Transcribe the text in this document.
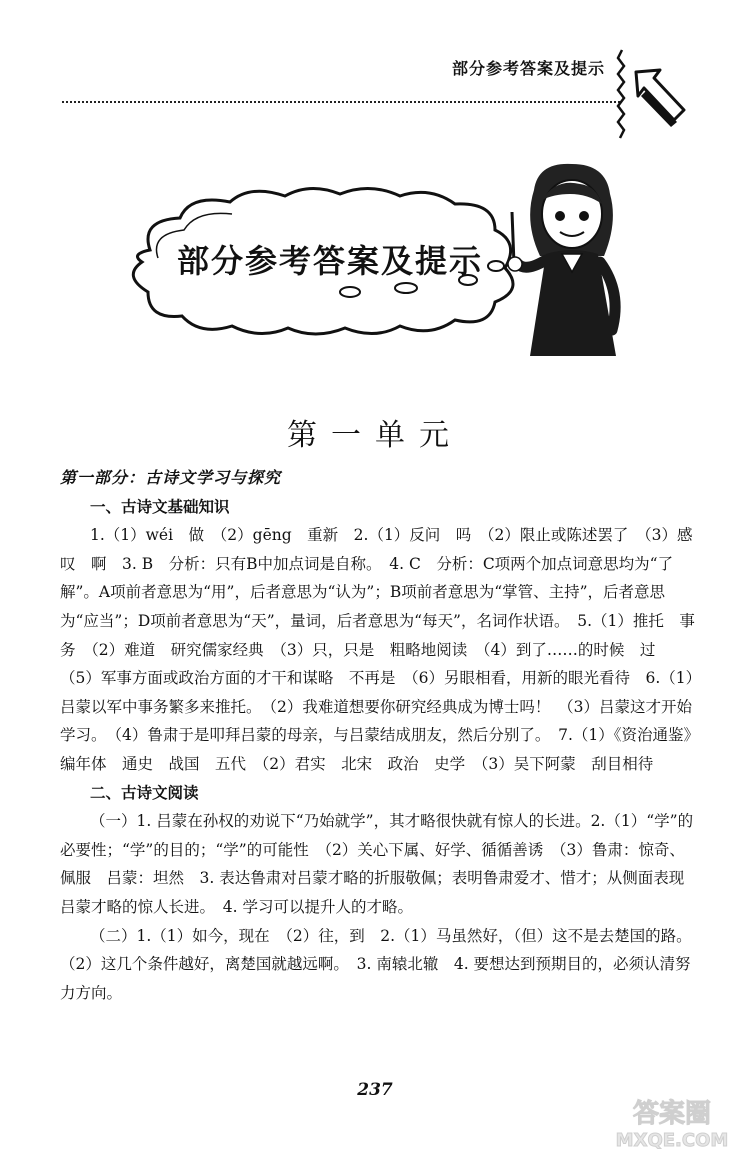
部分参考答案及提示
部分参考答案及提示
第一单元

第一部分：古诗文学习与探究

一、古诗文基础知识

1.（1）wéi　做　（2）gēng　重新　2.（1）反问　吗　（2）限止或陈述罢了　（3）感叹　啊　3. B　分析：只有B中加点词是自称。　4. C　分析：C项两个加点词意思均为“了解”。A项前者意思为“用”，后者意思为“认为”；B项前者意思为“掌管、主持”，后者意思为“应当”；D项前者意思为“天”，量词，后者意思为“每天”，名词作状语。　5.（1）推托　事务　（2）难道　研究儒家经典　（3）只，只是　粗略地阅读　（4）到了……的时候　过　（5）军事方面或政治方面的才干和谋略　不再是　（6）另眼相看，用新的眼光看待　6.（1）吕蒙以军中事务繁多来推托。　（2）我难道想要你研究经典成为博士吗！　（3）吕蒙这才开始学习。　（4）鲁肃于是叩拜吕蒙的母亲，与吕蒙结成朋友，然后分别了。　7.（1）《资治通鉴》编年体　通史　战国　五代　（2）君实　北宋　政治　史学　（3）吴下阿蒙　刮目相待

二、古诗文阅读

（一）1. 吕蒙在孙权的劝说下“乃始就学”，其才略很快就有惊人的长进。2.（1）“学”的必要性；“学”的目的；“学”的可能性　（2）关心下属、好学、循循善诱　（3）鲁肃：惊奇、佩服　吕蒙：坦然　3. 表达鲁肃对吕蒙才略的折服敬佩；表明鲁肃爱才、惜才；从侧面表现吕蒙才略的惊人长进。　4. 学习可以提升人的才略。

（二）1.（1）如今，现在　（2）往，到　2.（1）马虽然好，（但）这不是去楚国的路。　（2）这几个条件越好，离楚国就越远啊。　3. 南辕北辙　4. 要想达到预期目的，必须认清努力方向。

237
答案圈
MXQE.COM
